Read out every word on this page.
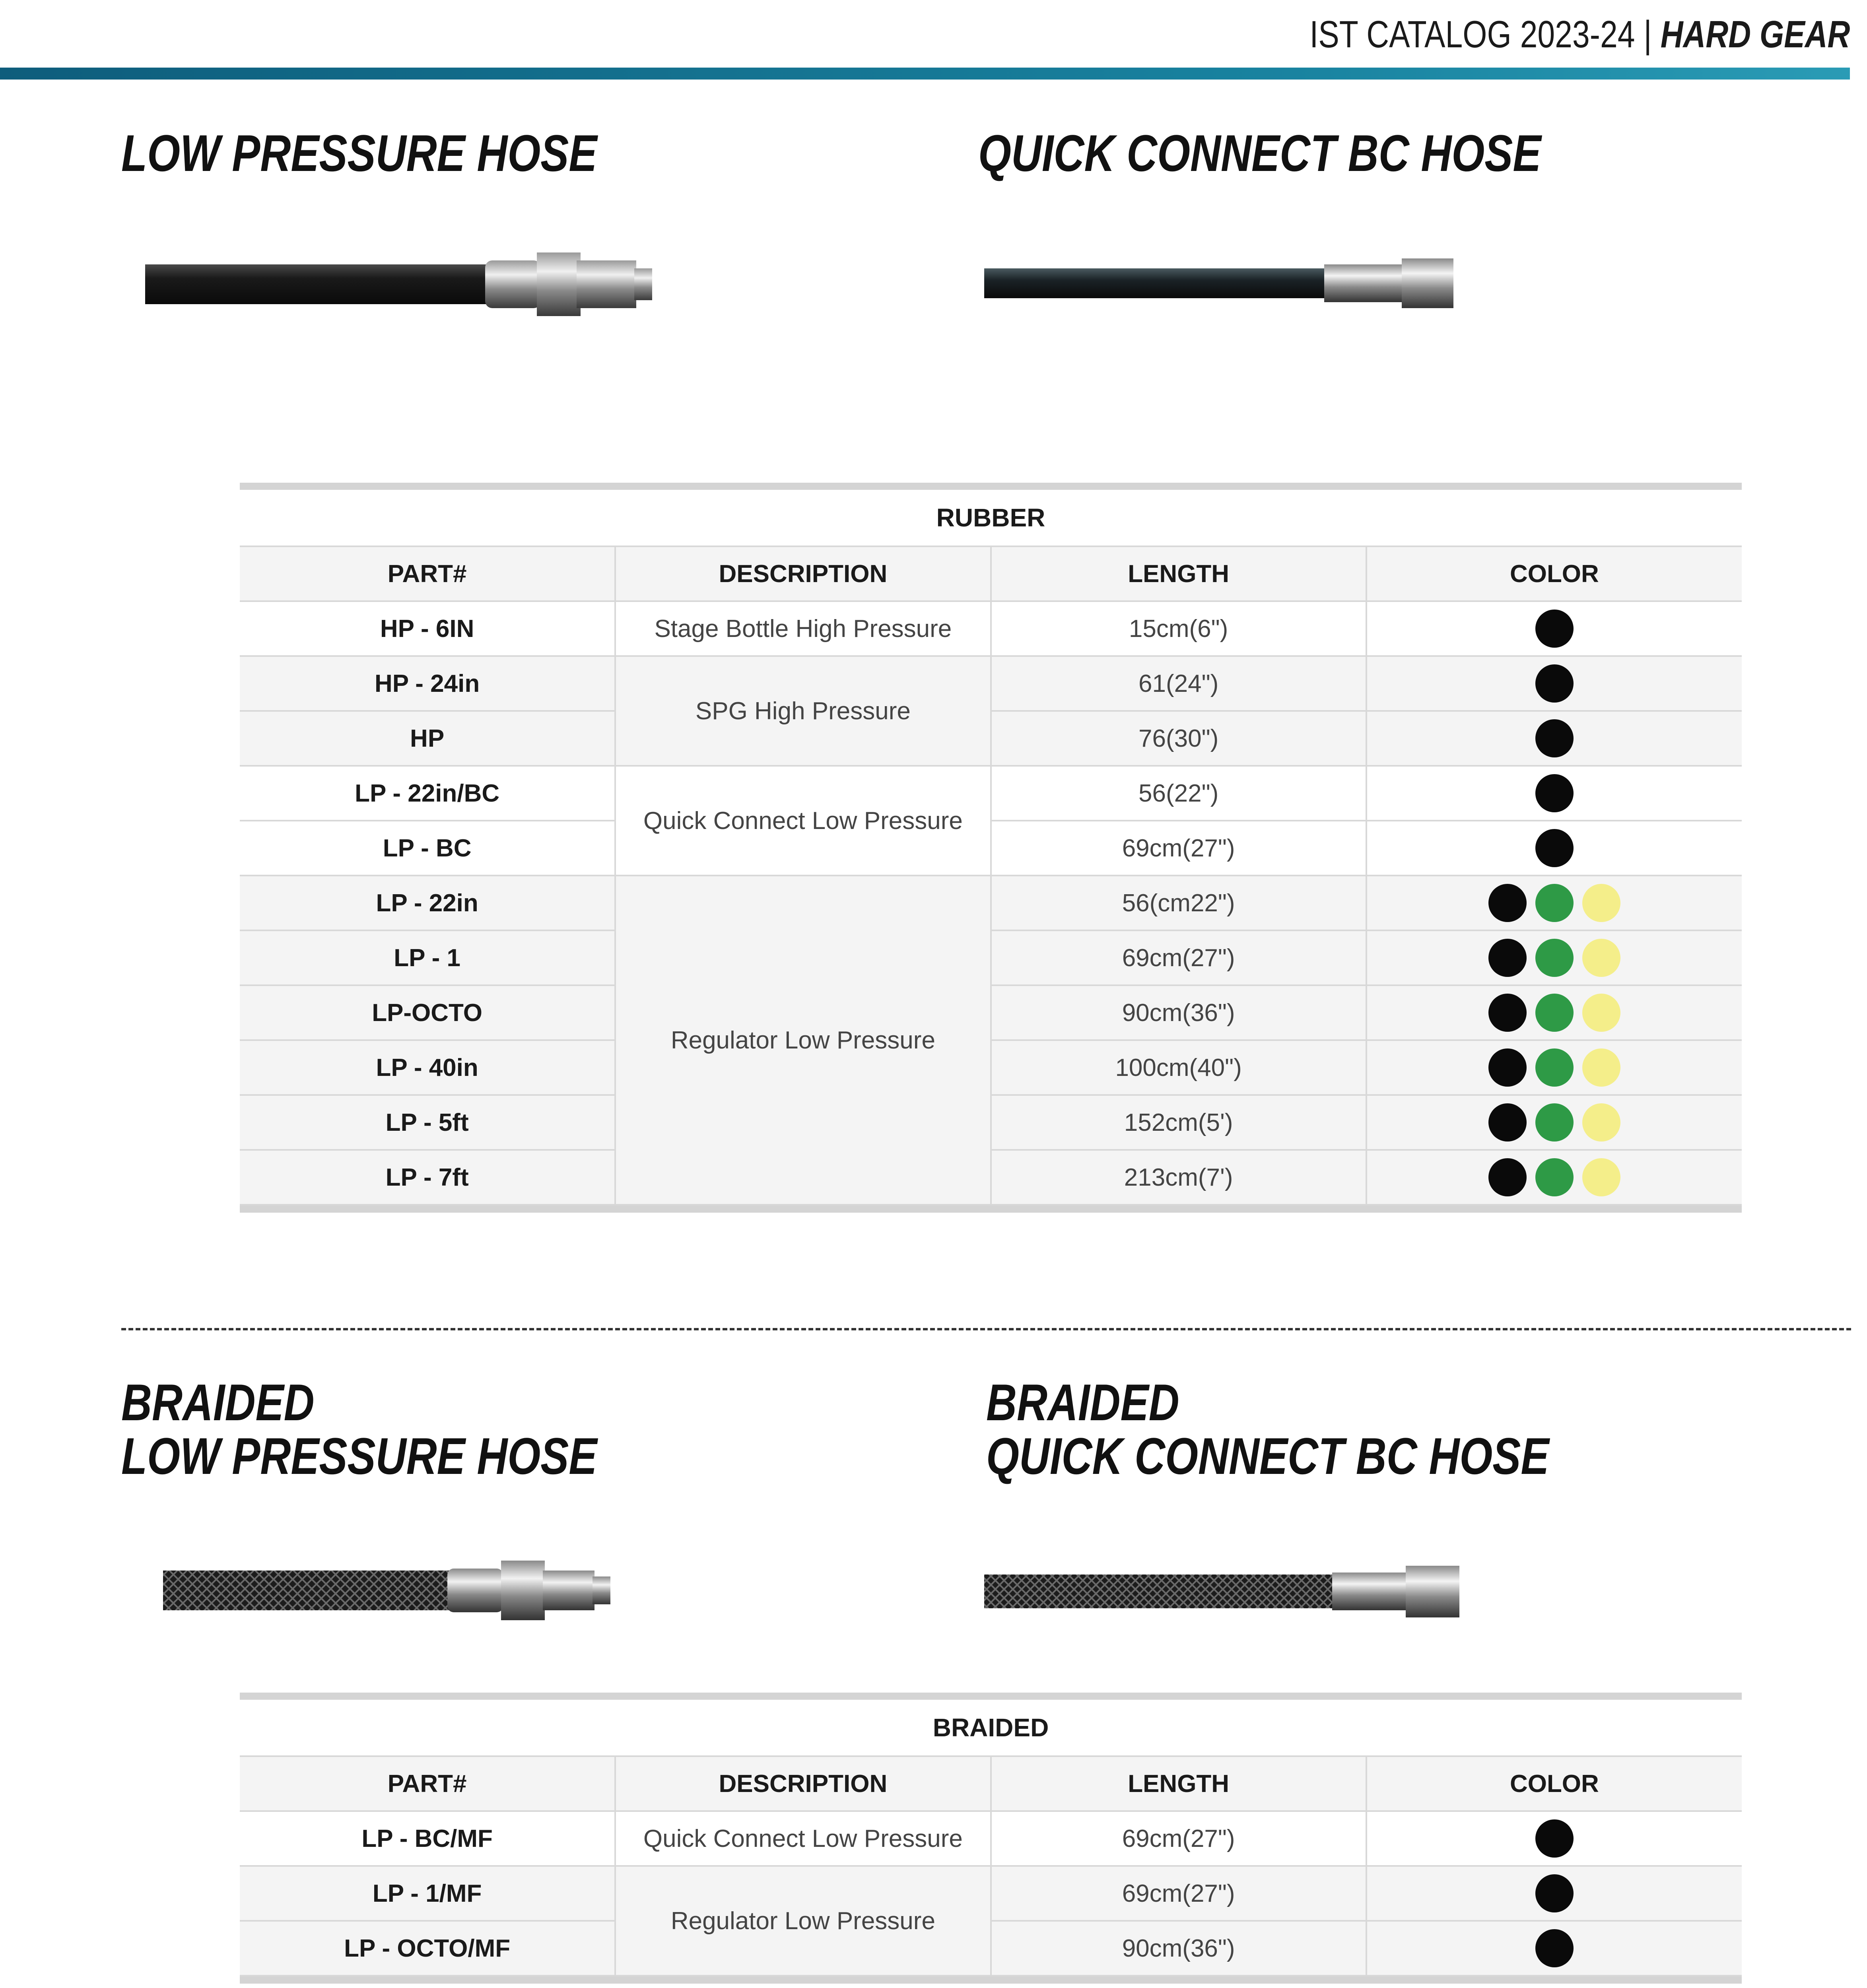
IST CATALOG 2023-24 | HARD GEAR
LOW PRESSURE HOSE	QUICK CONNECT BC HOSE
RUBBER
PART#	DESCRIPTION	LENGTH	COLOR
HP - 6IN	Stage Bottle High Pressure	15cm(6")	

HP - 24in	SPG High Pressure	61(24")	

HP		76(30")	

LP - 22in/BC	Quick Connect Low Pressure	56(22")	

LP - BC		69cm(27")	

LP - 22in	Regulator Low Pressure	56(cm22")	

LP - 1		69cm(27")	

LP-OCTO		90cm(36")	

LP - 40in		100cm(40")	

LP - 5ft		152cm(5')	

LP - 7ft		213cm(7')	
BRAIDED
LOW PRESSURE HOSE
BRAIDED
QUICK CONNECT BC HOSE
BRAIDED
PART#	DESCRIPTION	LENGTH	COLOR
LP - BC/MF	Quick Connect Low Pressure	69cm(27")	

LP - 1/MF	Regulator Low Pressure	69cm(27")	

LP - OCTO/MF		90cm(36")	
